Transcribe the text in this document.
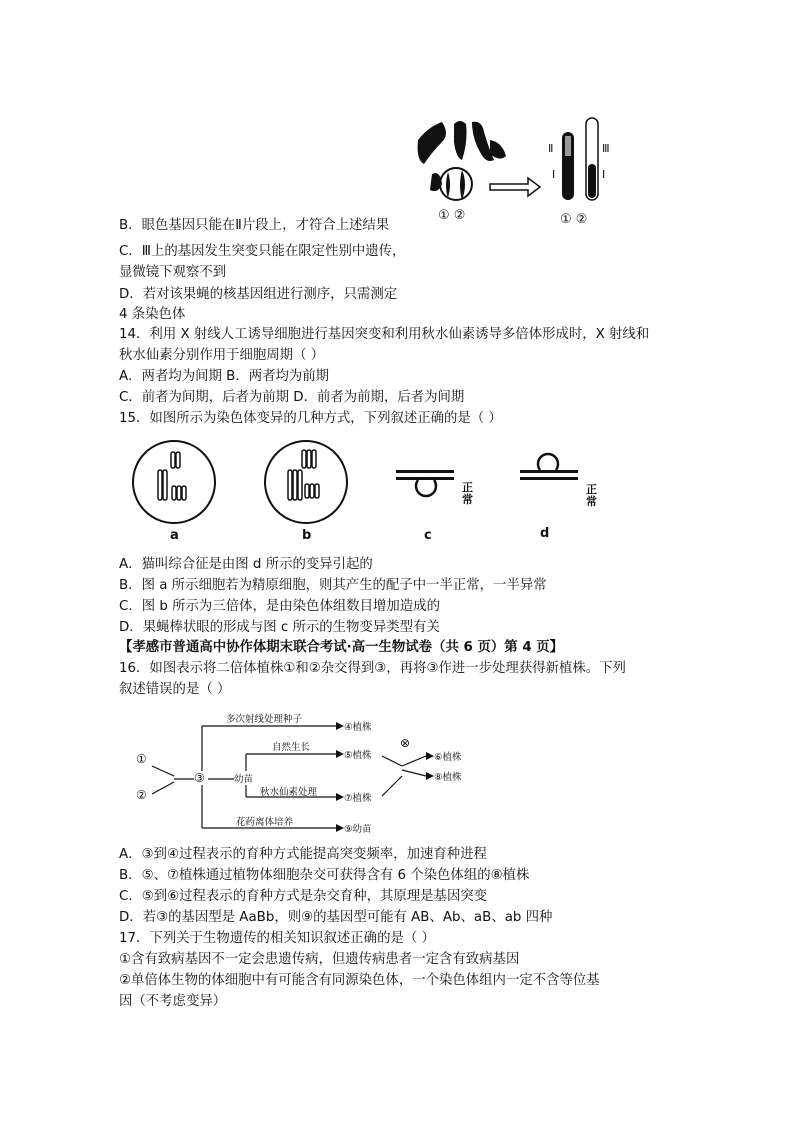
Ⅱ	Ⅲ
Ⅰ	Ⅰ
① ②	① ②
B．眼色基因只能在Ⅱ片段上，才符合上述结果
C．Ⅲ上的基因发生突变只能在限定性别中遗传，
显微镜下观察不到
D．若对该果蝇的核基因组进行测序，只需测定
4 条染色体
14．利用 X 射线人工诱导细胞进行基因突变和利用秋水仙素诱导多倍体形成时，X 射线和
秋水仙素分别作用于细胞周期（ ）
A．两者均为间期 B．两者均为前期
C．前者为间期，后者为前期 D．前者为前期，后者为间期
15．如图所示为染色体变异的几种方式，下列叙述正确的是（ ）
a	b	c	d
正常
正常
A．猫叫综合征是由图 d 所示的变异引起的
B．图 a 所示细胞若为精原细胞，则其产生的配子中一半正常，一半异常
C．图 b 所示为三倍体，是由染色体组数目增加造成的
D．果蝇棒状眼的形成与图 c 所示的生物变异类型有关
【孝感市普通高中协作体期末联合考试·高一生物试卷（共 6 页）第 4 页】
16．如图表示将二倍体植株①和②杂交得到③，再将③作进一步处理获得新植株。下列
叙述错误的是（ ）
①
②
③	幼苗
多次射线处理种子
自然生长
秋水仙素处理
花药离体培养
④植株
⑤植株
⊗
⑥植株
⑧植株
⑦植株
⑨幼苗
A．③到④过程表示的育种方式能提高突变频率，加速育种进程
B．⑤、⑦植株通过植物体细胞杂交可获得含有 6 个染色体组的⑧植株
C．⑤到⑥过程表示的育种方式是杂交育种，其原理是基因突变
D．若③的基因型是 AaBb，则⑨的基因型可能有 AB、Ab、aB、ab 四种
17．下列关于生物遗传的相关知识叙述正确的是（ ）
①含有致病基因不一定会患遗传病，但遗传病患者一定含有致病基因
②单倍体生物的体细胞中有可能含有同源染色体，一个染色体组内一定不含等位基
因（不考虑变异）
